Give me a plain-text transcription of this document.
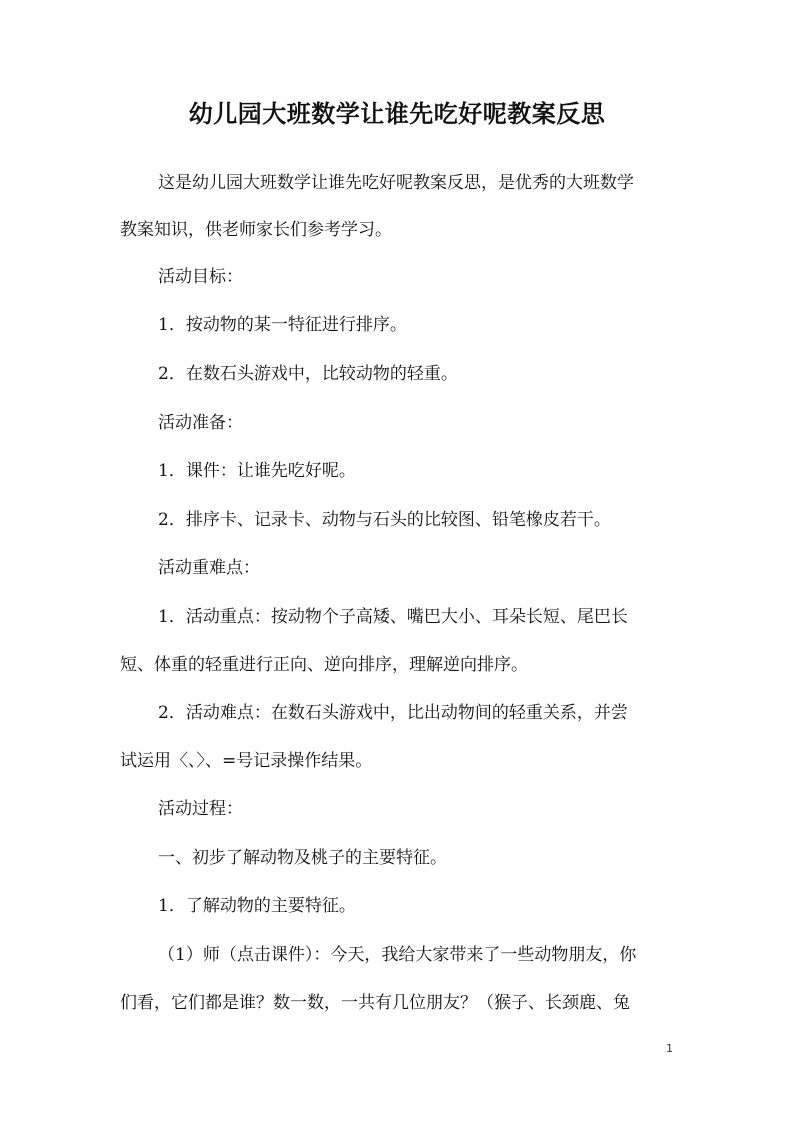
幼儿园大班数学让谁先吃好呢教案反思
这是幼儿园大班数学让谁先吃好呢教案反思，是优秀的大班数学
教案知识，供老师家长们参考学习。
活动目标：
1．按动物的某一特征进行排序。
2．在数石头游戏中，比较动物的轻重。
活动准备：
1．课件：让谁先吃好呢。
2．排序卡、记录卡、动物与石头的比较图、铅笔橡皮若干。
活动重难点：
1．活动重点：按动物个子高矮、嘴巴大小、耳朵长短、尾巴长
短、体重的轻重进行正向、逆向排序，理解逆向排序。
2．活动难点：在数石头游戏中，比出动物间的轻重关系，并尝
试运用〈、〉、=号记录操作结果。
活动过程：
一、初步了解动物及桃子的主要特征。
1．了解动物的主要特征。
（1）师（点击课件）：今天，我给大家带来了一些动物朋友，你
们看，它们都是谁？数一数，一共有几位朋友？（猴子、长颈鹿、兔
1
